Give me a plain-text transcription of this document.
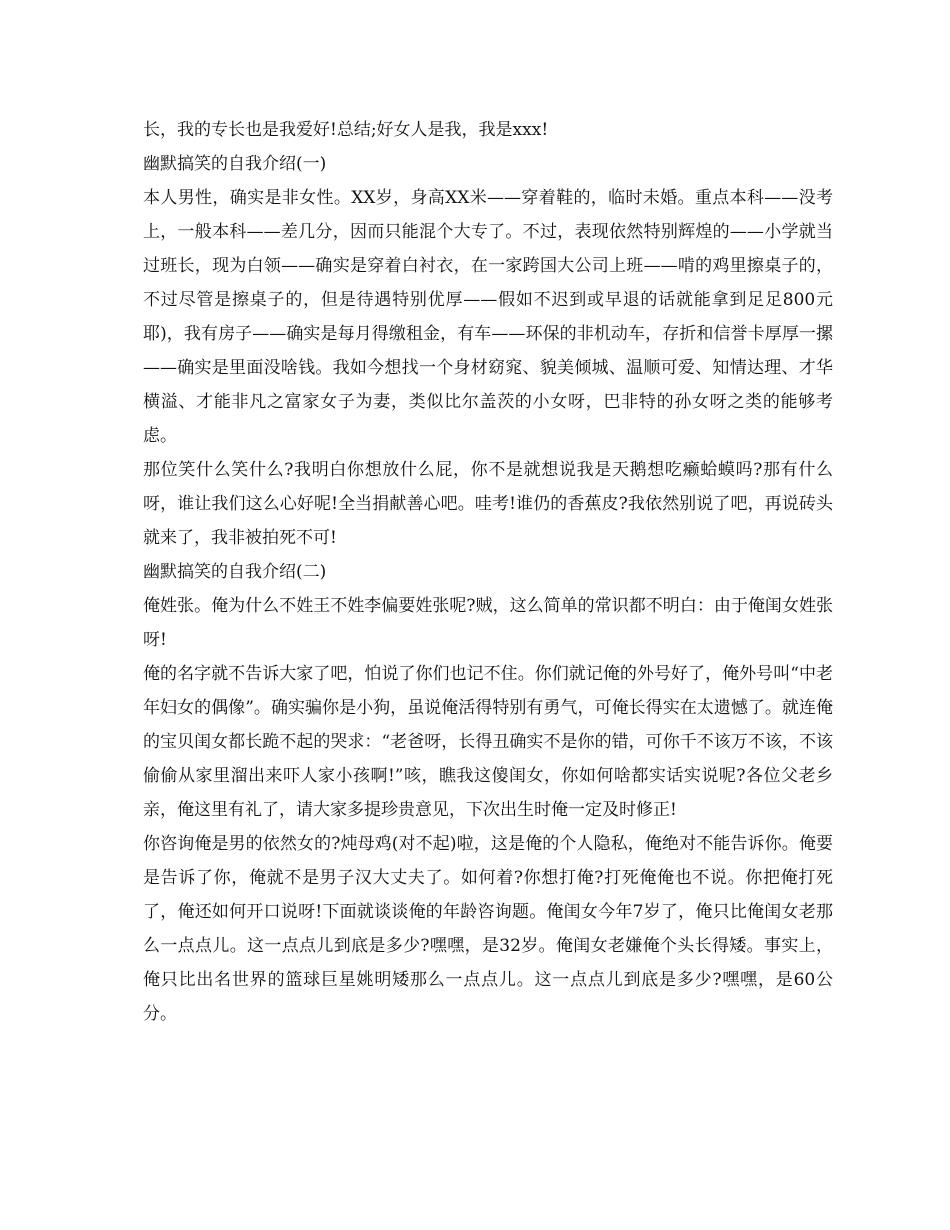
长，我的专长也是我爱好!总结;好女人是我，我是xxx!

幽默搞笑的自我介绍(一)

本人男性，确实是非女性。XX岁，身高XX米——穿着鞋的，临时未婚。重点本科——没考上，一般本科——差几分，因而只能混个大专了。不过，表现依然特别辉煌的——小学就当过班长，现为白领——确实是穿着白衬衣，在一家跨国大公司上班——啃的鸡里擦桌子的，不过尽管是擦桌子的，但是待遇特别优厚——假如不迟到或早退的话就能拿到足足800元耶)，我有房子——确实是每月得缴租金，有车——环保的非机动车，存折和信誉卡厚厚一摞——确实是里面没啥钱。我如今想找一个身材窈窕、貌美倾城、温顺可爱、知情达理、才华横溢、才能非凡之富家女子为妻，类似比尔盖茨的小女呀，巴非特的孙女呀之类的能够考虑。

那位笑什么笑什么?我明白你想放什么屁，你不是就想说我是天鹅想吃癞蛤蟆吗?那有什么呀，谁让我们这么心好呢!全当捐献善心吧。哇考!谁仍的香蕉皮?我依然别说了吧，再说砖头就来了，我非被拍死不可!

幽默搞笑的自我介绍(二)

俺姓张。俺为什么不姓王不姓李偏要姓张呢?贼，这么简单的常识都不明白：由于俺闺女姓张呀!

俺的名字就不告诉大家了吧，怕说了你们也记不住。你们就记俺的外号好了，俺外号叫“中老年妇女的偶像”。确实骗你是小狗，虽说俺活得特别有勇气，可俺长得实在太遗憾了。就连俺的宝贝闺女都长跪不起的哭求：“老爸呀，长得丑确实不是你的错，可你千不该万不该，不该偷偷从家里溜出来吓人家小孩啊!”咳，瞧我这傻闺女，你如何啥都实话实说呢?各位父老乡亲，俺这里有礼了，请大家多提珍贵意见，下次出生时俺一定及时修正!

你咨询俺是男的依然女的?炖母鸡(对不起)啦，这是俺的个人隐私，俺绝对不能告诉你。俺要是告诉了你，俺就不是男子汉大丈夫了。如何着?你想打俺?打死俺俺也不说。你把俺打死了，俺还如何开口说呀!下面就谈谈俺的年龄咨询题。俺闺女今年7岁了，俺只比俺闺女老那么一点点儿。这一点点儿到底是多少?嘿嘿，是32岁。俺闺女老嫌俺个头长得矮。事实上，俺只比出名世界的篮球巨星姚明矮那么一点点儿。这一点点儿到底是多少?嘿嘿，是60公分。
